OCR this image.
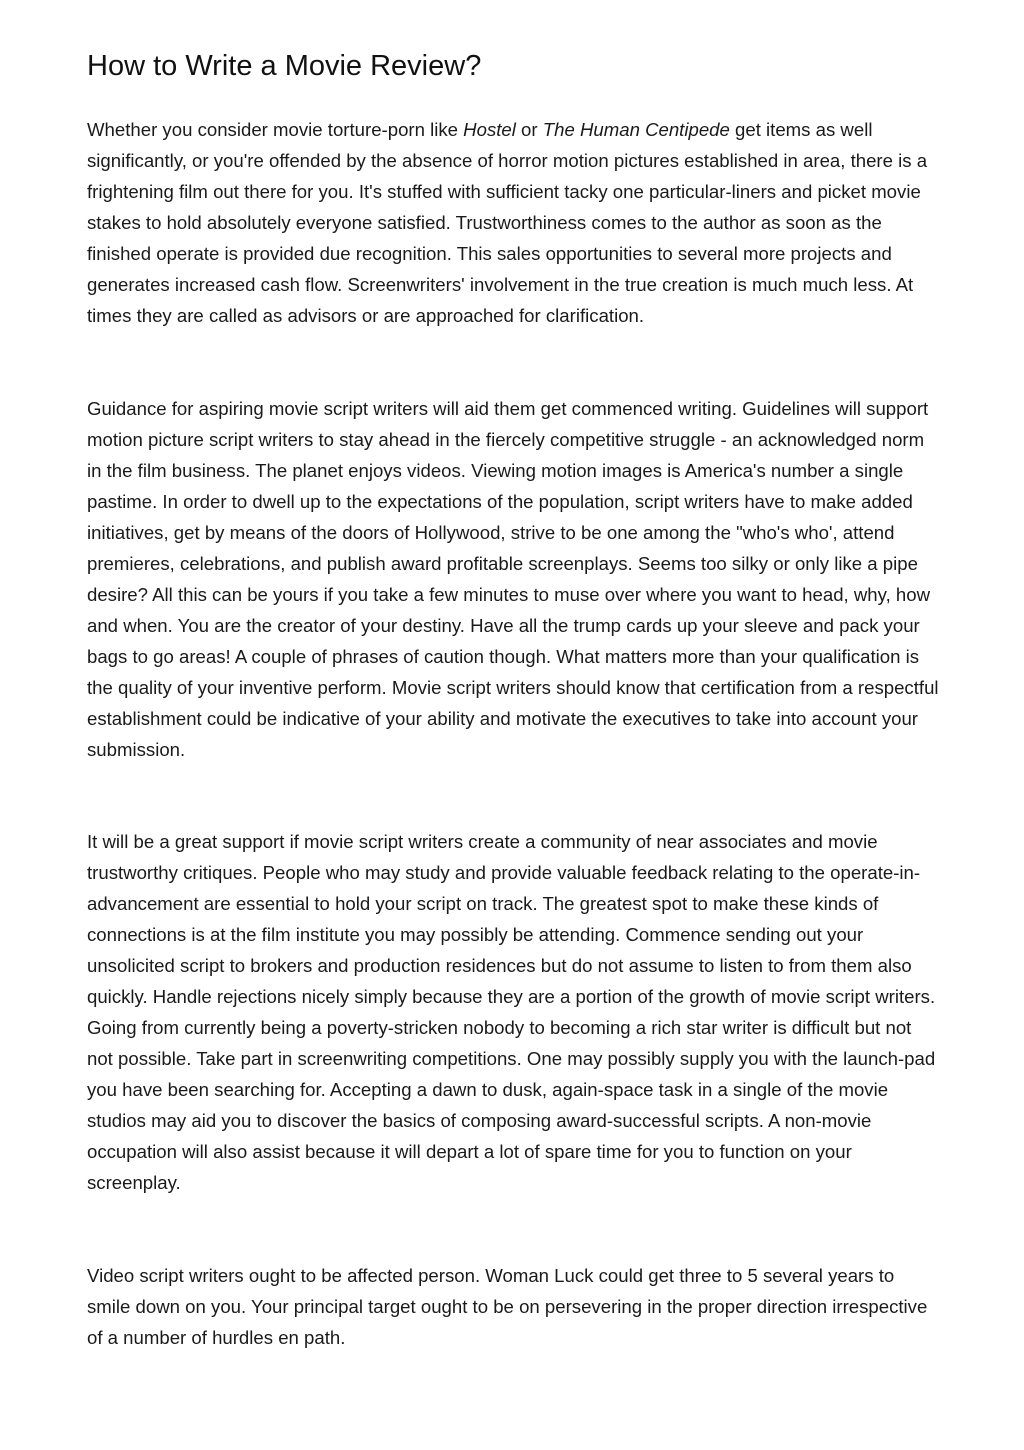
How to Write a Movie Review?

Whether you consider movie torture-porn like Hostel or The Human Centipede get items as well significantly, or you're offended by the absence of horror motion pictures established in area, there is a frightening film out there for you. It's stuffed with sufficient tacky one particular-liners and picket movie stakes to hold absolutely everyone satisfied. Trustworthiness comes to the author as soon as the finished operate is provided due recognition. This sales opportunities to several more projects and generates increased cash flow. Screenwriters' involvement in the true creation is much much less. At times they are called as advisors or are approached for clarification.

Guidance for aspiring movie script writers will aid them get commenced writing. Guidelines will support motion picture script writers to stay ahead in the fiercely competitive struggle - an acknowledged norm in the film business. The planet enjoys videos. Viewing motion images is America's number a single pastime. In order to dwell up to the expectations of the population, script writers have to make added initiatives, get by means of the doors of Hollywood, strive to be one among the "who's who', attend premieres, celebrations, and publish award profitable screenplays. Seems too silky or only like a pipe desire? All this can be yours if you take a few minutes to muse over where you want to head, why, how and when. You are the creator of your destiny. Have all the trump cards up your sleeve and pack your bags to go areas! A couple of phrases of caution though. What matters more than your qualification is the quality of your inventive perform. Movie script writers should know that certification from a respectful establishment could be indicative of your ability and motivate the executives to take into account your submission.

It will be a great support if movie script writers create a community of near associates and movie trustworthy critiques. People who may study and provide valuable feedback relating to the operate-in-advancement are essential to hold your script on track. The greatest spot to make these kinds of connections is at the film institute you may possibly be attending. Commence sending out your unsolicited script to brokers and production residences but do not assume to listen to from them also quickly. Handle rejections nicely simply because they are a portion of the growth of movie script writers. Going from currently being a poverty-stricken nobody to becoming a rich star writer is difficult but not not possible. Take part in screenwriting competitions. One may possibly supply you with the launch-pad you have been searching for. Accepting a dawn to dusk, again-space task in a single of the movie studios may aid you to discover the basics of composing award-successful scripts. A non-movie occupation will also assist because it will depart a lot of spare time for you to function on your screenplay.

Video script writers ought to be affected person. Woman Luck could get three to 5 several years to smile down on you. Your principal target ought to be on persevering in the proper direction irrespective of a number of hurdles en path.
